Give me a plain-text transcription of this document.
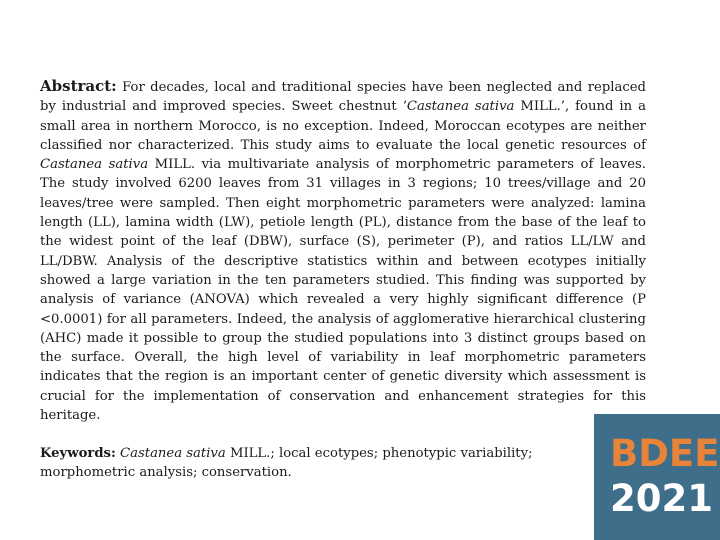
Abstract: For decades, local and traditional species have been neglected and replaced by industrial and improved species. Sweet chestnut ‘Castanea sativa MILL.’, found in a small area in northern Morocco, is no exception. Indeed, Moroccan ecotypes are neither classified nor characterized. This study aims to evaluate the local genetic resources of Castanea sativa MILL. via multivariate analysis of morphometric parameters of leaves. The study involved 6200 leaves from 31 villages in 3 regions; 10 trees/village and 20 leaves/tree were sampled. Then eight morphometric parameters were analyzed: lamina length (LL), lamina width (LW), petiole length (PL), distance from the base of the leaf to the widest point of the leaf (DBW), surface (S), perimeter (P), and ratios LL/LW and LL/DBW. Analysis of the descriptive statistics within and between ecotypes initially showed a large variation in the ten parameters studied. This finding was supported by analysis of variance (ANOVA) which revealed a very highly significant difference (P <0.0001) for all parameters. Indeed, the analysis of agglomerative hierarchical clustering (AHC) made it possible to group the studied populations into 3 distinct groups based on the surface. Overall, the high level of variability in leaf morphometric parameters indicates that the region is an important center of genetic diversity which assessment is crucial for the implementation of conservation and enhancement strategies for this heritage.

Keywords: Castanea sativa MILL.; local ecotypes; phenotypic variability; morphometric analysis; conservation.	BDEE
2021
